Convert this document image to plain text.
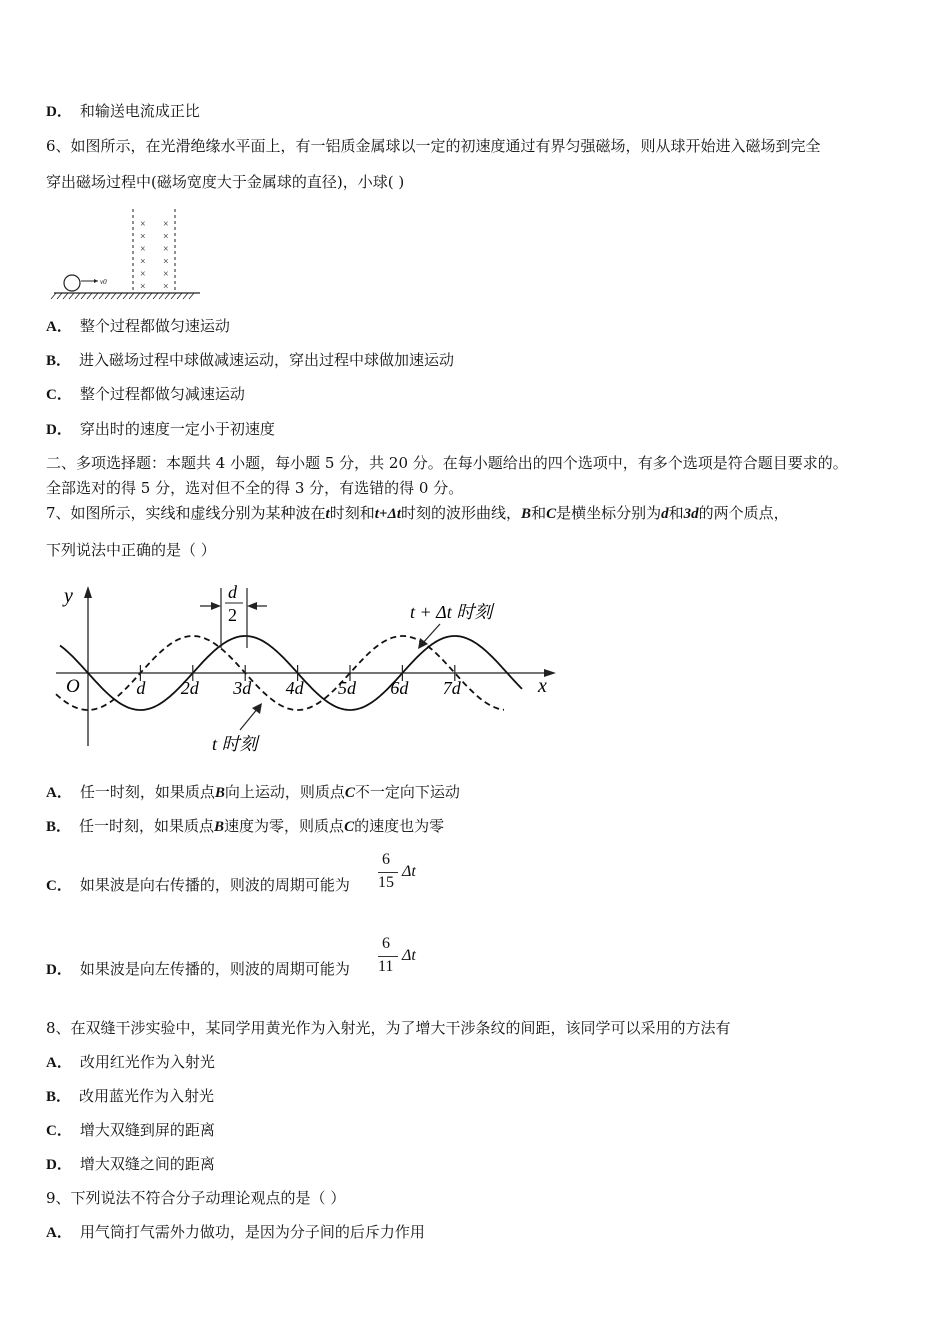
D． 和输送电流成正比
6、如图所示，在光滑绝缘水平面上，有一铝质金属球以一定的初速度通过有界匀强磁场，则从球开始进入磁场到完全
穿出磁场过程中(磁场宽度大于金属球的直径)，小球( )
×
×
×
×
×
×
×
×
×
×
×
×
v0
A． 整个过程都做匀速运动
B． 进入磁场过程中球做减速运动，穿出过程中球做加速运动
C． 整个过程都做匀减速运动
D． 穿出时的速度一定小于初速度
二、多项选择题：本题共 4 小题，每小题 5 分，共 20 分。在每小题给出的四个选项中，有多个选项是符合题目要求的。
全部选对的得 5 分，选对但不全的得 3 分，有选错的得 0 分。
7、如图所示，实线和虚线分别为某种波在t时刻和t+Δt时刻的波形曲线，B和C是横坐标分别为d和3d的两个质点，
下列说法中正确的是（ ）
y
x
O	d 2d 3d 4d 5d 6d 7d
d
2	t + Δt 时刻
t 时刻
A． 任一时刻，如果质点B向上运动，则质点C不一定向下运动
B． 任一时刻，如果质点B速度为零，则质点C的速度也为零
C． 如果波是向右传播的，则波的周期可能为
6
15
Δt
D． 如果波是向左传播的，则波的周期可能为
6
11
Δt
8、在双缝干涉实验中，某同学用黄光作为入射光，为了增大干涉条纹的间距，该同学可以采用的方法有
A． 改用红光作为入射光
B． 改用蓝光作为入射光
C． 增大双缝到屏的距离
D． 增大双缝之间的距离
9、下列说法不符合分子动理论观点的是（ ）
A． 用气筒打气需外力做功，是因为分子间的后斥力作用
